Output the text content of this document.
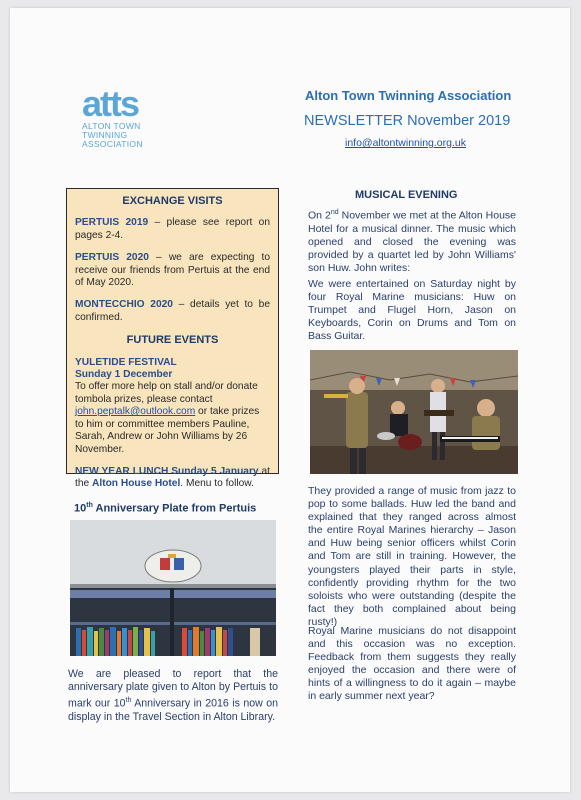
atts
ALTON TOWN
TWINNING
ASSOCIATION
Alton Town Twinning Association
NEWSLETTER November 2019
info@altontwinning.org.uk
EXCHANGE VISITS

PERTUIS 2019 – please see report on pages 2-4.

PERTUIS 2020 – we are expecting to receive our friends from Pertuis at the end of May 2020.

MONTECCHIO 2020 – details yet to be confirmed.

FUTURE EVENTS

YULETIDE FESTIVAL
Sunday 1 December
To offer more help on stall and/or donate tombola prizes, please contact john.peptalk@outlook.com or take prizes to him or committee members Pauline, Sarah, Andrew or John Williams by 26 November.

NEW YEAR LUNCH Sunday 5 January at the Alton House Hotel. Menu to follow.

10th Anniversary Plate from Pertuis
We are pleased to report that the anniversary plate given to Alton by Pertuis to mark our 10th Anniversary in 2016 is now on display in the Travel Section in Alton Library.
MUSICAL EVENING
On 2nd November we met at the Alton House Hotel for a musical dinner. The music which opened and closed the evening was provided by a quartet led by John Williams' son Huw. John writes:
We were entertained on Saturday night by four Royal Marine musicians: Huw on Trumpet and Flugel Horn, Jason on Keyboards, Corin on Drums and Tom on Bass Guitar.
They provided a range of music from jazz to pop to some ballads. Huw led the band and explained that they ranged across almost the entire Royal Marines hierarchy – Jason and Huw being senior officers whilst Corin and Tom are still in training. However, the youngsters played their parts in style, confidently providing rhythm for the two soloists who were outstanding (despite the fact they both complained about being rusty!)
Royal Marine musicians do not disappoint and this occasion was no exception. Feedback from them suggests they really enjoyed the occasion and there were of hints of a willingness to do it again – maybe in early summer next year?
